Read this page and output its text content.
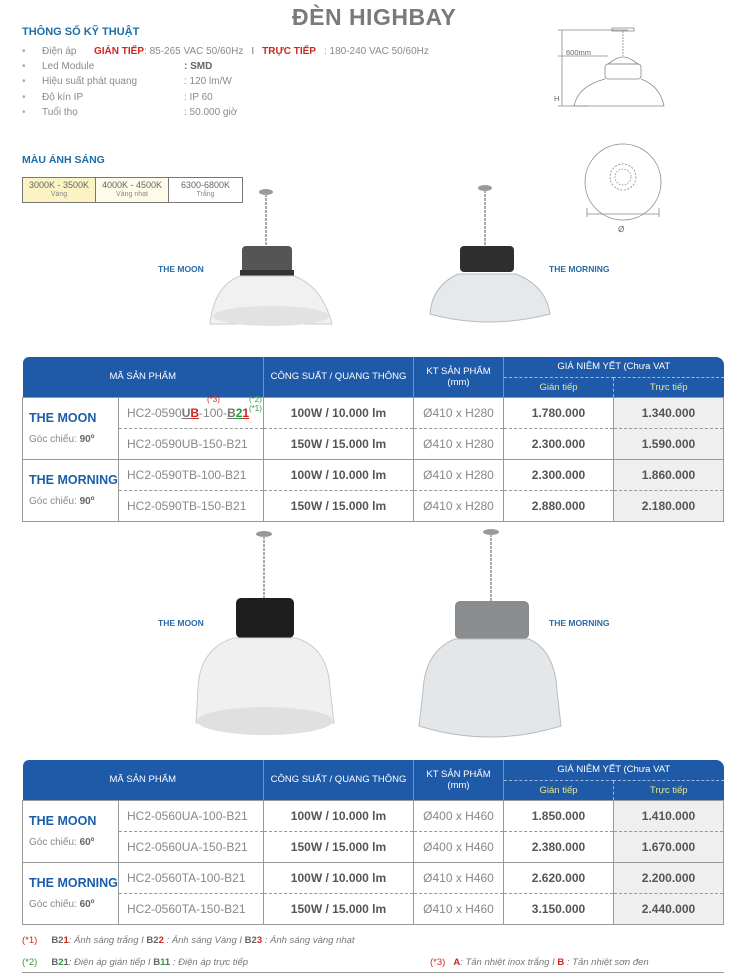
ĐÈN HIGHBAY
THÔNG SỐ KỸ THUẬT
•	Điện áp	GIÁN TIẾP : 85-265 VAC 50/60Hz I TRỰC TIẾP : 180-240 VAC 50/60Hz
•	Led Module	: SMD
•	Hiệu suất phát quang	: 120 lm/W
•	Độ kín IP	: IP 60
•	Tuổi thọ	: 50.000 giờ
MÀU ÁNH SÁNG
3000K - 3500K
Vàng
4000K - 4500K
Vàng nhạt
6300-6800K
Trắng
600mm
H
Ø
THE MOON	THE MORNING
MÃ SẢN PHẨM		CÔNG SUẤT / QUANG THÔNG	KT SẢN PHẨM
(mm)	GIÁ NIÊM YẾT (Chưa VAT	
				Gián tiếp	Trực tiếp

THE MOON
Góc chiếu: 90º	(*3) (*2)(*1)
HC2-0590UB-100-B21	100W / 10.000 lm	Ø410 x H280	1.780.000	1.340.000
	HC2-0590UB-150-B21	150W / 15.000 lm	Ø410 x H280	2.300.000	1.590.000

THE MORNING
Góc chiếu: 90º	HC2-0590TB-100-B21	100W / 10.000 lm	Ø410 x H280	2.300.000	1.860.000
	HC2-0590TB-150-B21	150W / 15.000 lm	Ø410 x H280	2.880.000	2.180.000
THE MOON	THE MORNING
MÃ SẢN PHẨM		CÔNG SUẤT / QUANG THÔNG	KT SẢN PHẨM
(mm)	GIÁ NIÊM YẾT (Chưa VAT	
				Gián tiếp	Trực tiếp

THE MOON
Góc chiếu: 60º	HC2-0560UA-100-B21	100W / 10.000 lm	Ø400 x H460	1.850.000	1.410.000
	HC2-0560UA-150-B21	150W / 15.000 lm	Ø400 x H460	2.380.000	1.670.000

THE MORNING
Góc chiếu: 60º	HC2-0560TA-100-B21	100W / 10.000 lm	Ø410 x H460	2.620.000	2.200.000
	HC2-0560TA-150-B21	150W / 15.000 lm	Ø410 x H460	3.150.000	2.440.000
(*1) B21: Ánh sáng trắng I B22 : Ánh sáng Vàng I B23 : Ánh sáng vàng nhạt
(*2) B21: Điện áp gián tiếp I B11 : Điện áp trực tiếp	(*3) A: Tản nhiệt inox trắng I B : Tản nhiệt sơn đen
